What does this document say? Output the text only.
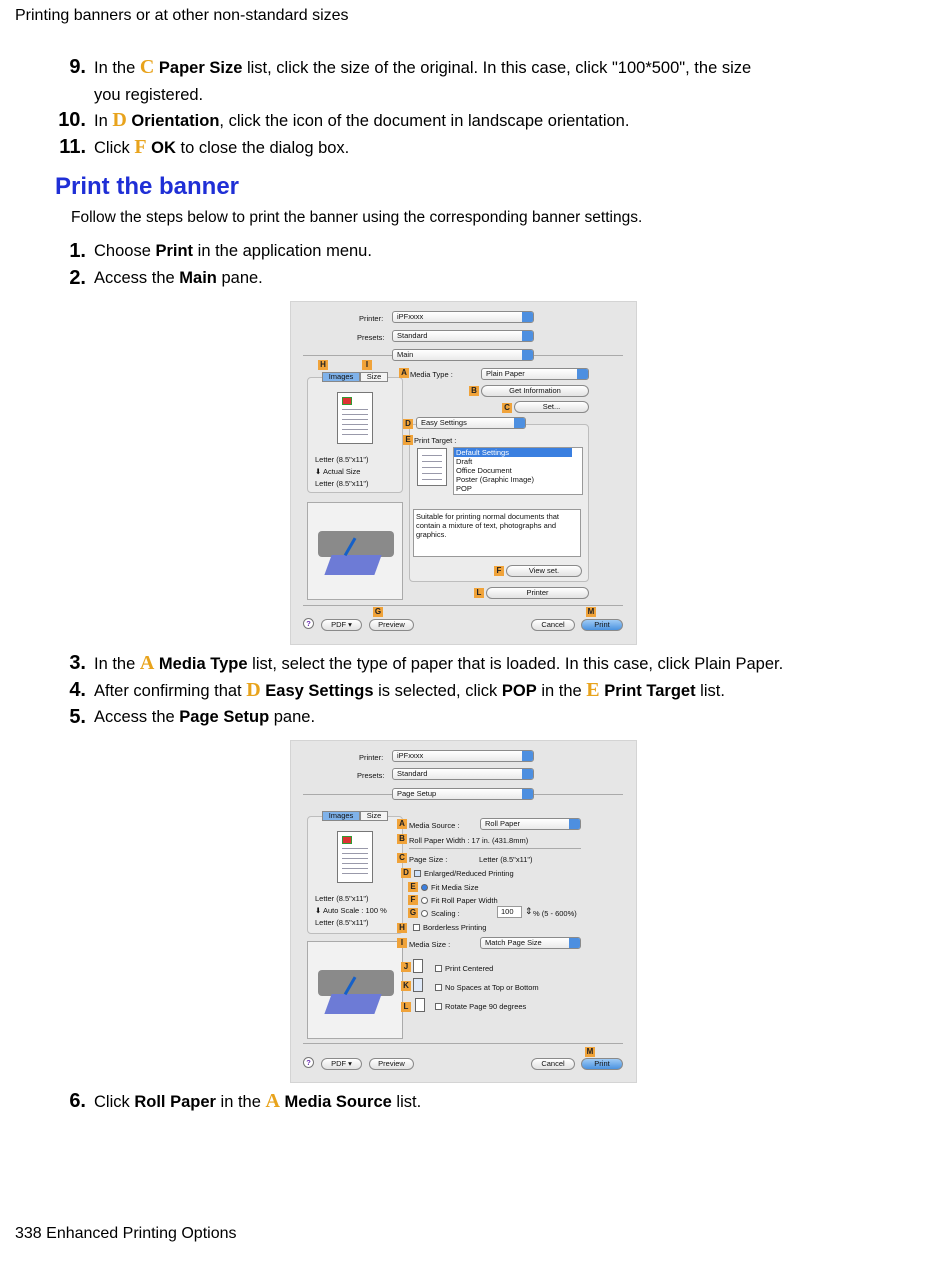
Printing banners or at other non-standard sizes
9. In the C Paper Size list, click the size of the original. In this case, click "100*500", the size
you registered.
10. In D Orientation, click the icon of the document in landscape orientation.
11. Click F OK to close the dialog box.
Print the banner
Follow the steps below to print the banner using the corresponding banner settings.
1. Choose Print in the application menu.
2. Access the Main pane.
Printer:	iPFxxxx
Presets:	Standard
Main
H	I
Images	Size
Letter (8.5"x11")
⬇ Actual Size
Letter (8.5"x11")
A Media Type :	Plain Paper
B	Get Information
C	Set...
D	Easy Settings
E Print Target :
Default Settings
Draft
Office Document
Poster (Graphic Image)
POP
Suitable for printing normal documents that contain a mixture of text, photographs and graphics.
F	View set.
L	Printer
G	M
?	PDF ▾	Preview	Cancel	Print
3. In the A Media Type list, select the type of paper that is loaded. In this case, click Plain Paper.
4. After confirming that D Easy Settings is selected, click POP in the E Print Target list.
5. Access the Page Setup pane.
Printer:	iPFxxxx
Presets:	Standard
Page Setup
Images	Size
Letter (8.5"x11")
⬇ Auto Scale : 100 %
Letter (8.5"x11")
A Media Source :	Roll Paper
B Roll Paper Width : 17 in. (431.8mm)
C Page Size :	Letter (8.5"x11")
D	Enlarged/Reduced Printing
E	Fit Media Size
F	Fit Roll Paper Width
G	Scaling :	100	⇕ % (5 - 600%)
H	Borderless Printing
I Media Size :	Match Page Size
J	Print Centered
K	No Spaces at Top or Bottom
L	Rotate Page 90 degrees
M
?	PDF ▾	Preview	Cancel	Print
6. Click Roll Paper in the A Media Source list.
338 Enhanced Printing Options
